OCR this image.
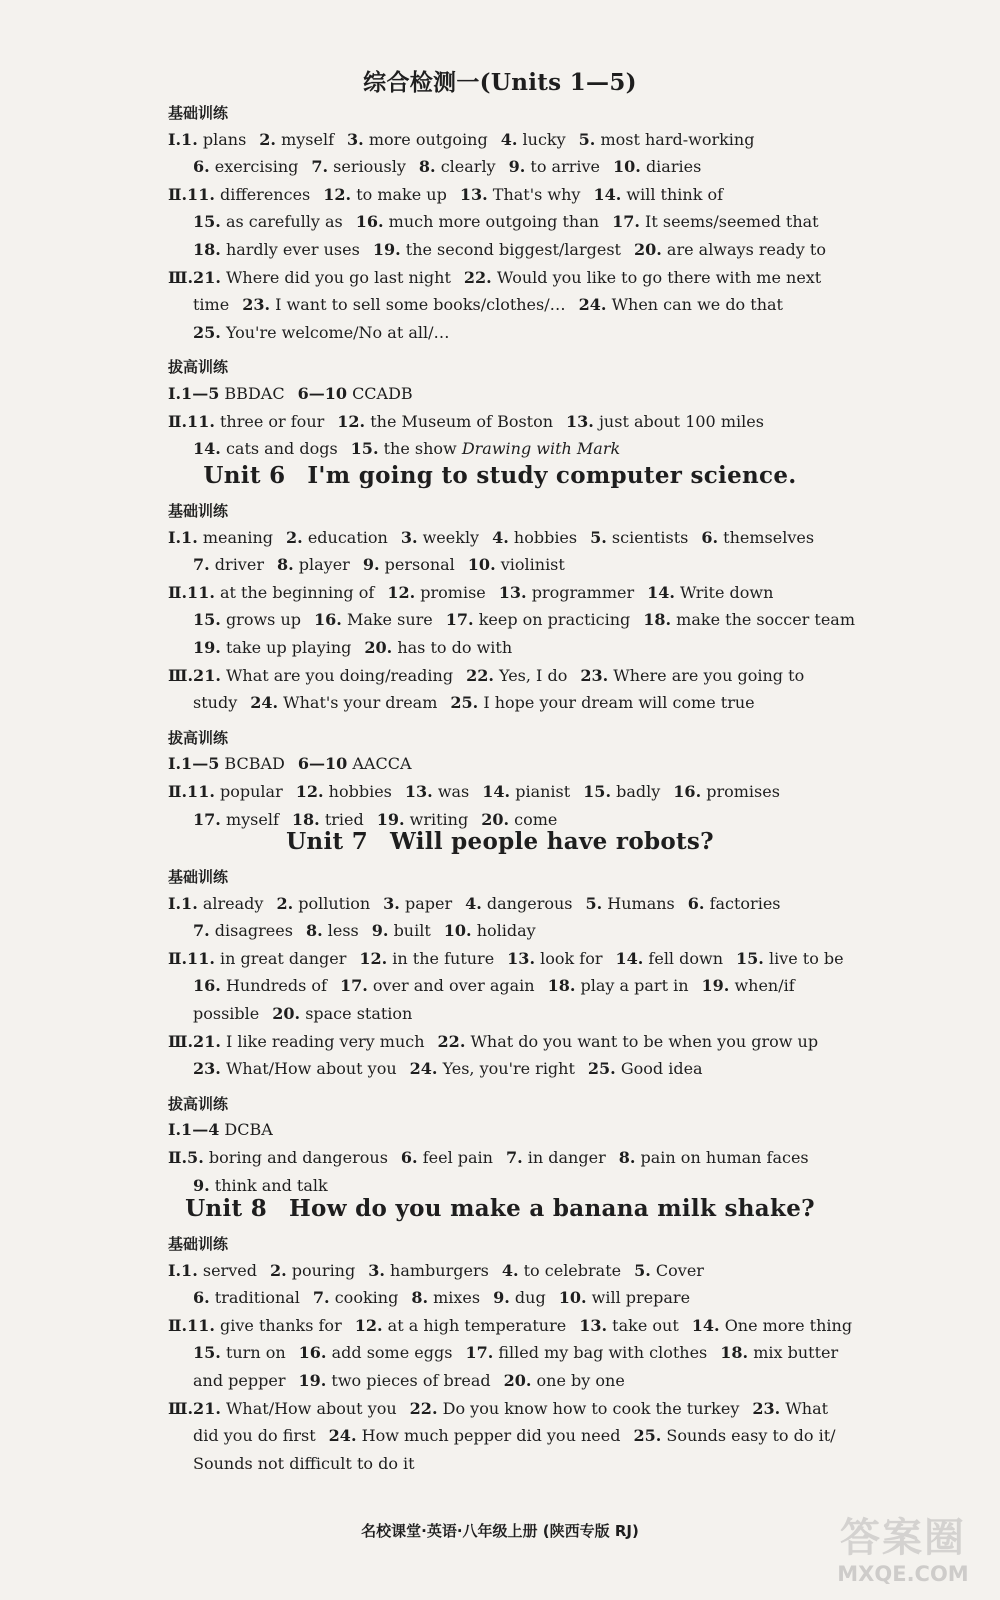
综合检测一(Units 1—5)
基础训练
Ⅰ.1. plans 2. myself 3. more outgoing 4. lucky 5. most hard-working
6. exercising 7. seriously 8. clearly 9. to arrive 10. diaries
Ⅱ.11. differences 12. to make up 13. That's why 14. will think of
15. as carefully as 16. much more outgoing than 17. It seems/seemed that
18. hardly ever uses 19. the second biggest/largest 20. are always ready to
Ⅲ.21. Where did you go last night 22. Would you like to go there with me next
time 23. I want to sell some books/clothes/… 24. When can we do that
25. You're welcome/No at all/…
拔高训练
Ⅰ.1—5 BBDAC 6—10 CCADB
Ⅱ.11. three or four 12. the Museum of Boston 13. just about 100 miles
14. cats and dogs 15. the show Drawing with Mark
Unit 6 I'm going to study computer science.
基础训练
Ⅰ.1. meaning 2. education 3. weekly 4. hobbies 5. scientists 6. themselves
7. driver 8. player 9. personal 10. violinist
Ⅱ.11. at the beginning of 12. promise 13. programmer 14. Write down
15. grows up 16. Make sure 17. keep on practicing 18. make the soccer team
19. take up playing 20. has to do with
Ⅲ.21. What are you doing/reading 22. Yes, I do 23. Where are you going to
study 24. What's your dream 25. I hope your dream will come true
拔高训练
Ⅰ.1—5 BCBAD 6—10 AACCA
Ⅱ.11. popular 12. hobbies 13. was 14. pianist 15. badly 16. promises
17. myself 18. tried 19. writing 20. come
Unit 7 Will people have robots?
基础训练
Ⅰ.1. already 2. pollution 3. paper 4. dangerous 5. Humans 6. factories
7. disagrees 8. less 9. built 10. holiday
Ⅱ.11. in great danger 12. in the future 13. look for 14. fell down 15. live to be
16. Hundreds of 17. over and over again 18. play a part in 19. when/if
possible 20. space station
Ⅲ.21. I like reading very much 22. What do you want to be when you grow up
23. What/How about you 24. Yes, you're right 25. Good idea
拔高训练
Ⅰ.1—4 DCBA
Ⅱ.5. boring and dangerous 6. feel pain 7. in danger 8. pain on human faces
9. think and talk
Unit 8 How do you make a banana milk shake?
基础训练
Ⅰ.1. served 2. pouring 3. hamburgers 4. to celebrate 5. Cover
6. traditional 7. cooking 8. mixes 9. dug 10. will prepare
Ⅱ.11. give thanks for 12. at a high temperature 13. take out 14. One more thing
15. turn on 16. add some eggs 17. filled my bag with clothes 18. mix butter
and pepper 19. two pieces of bread 20. one by one
Ⅲ.21. What/How about you 22. Do you know how to cook the turkey 23. What
did you do first 24. How much pepper did you need 25. Sounds easy to do it/
Sounds not difficult to do it
名校课堂·英语·八年级上册 (陕西专版 RJ)	答案圈
MXQE.COM
